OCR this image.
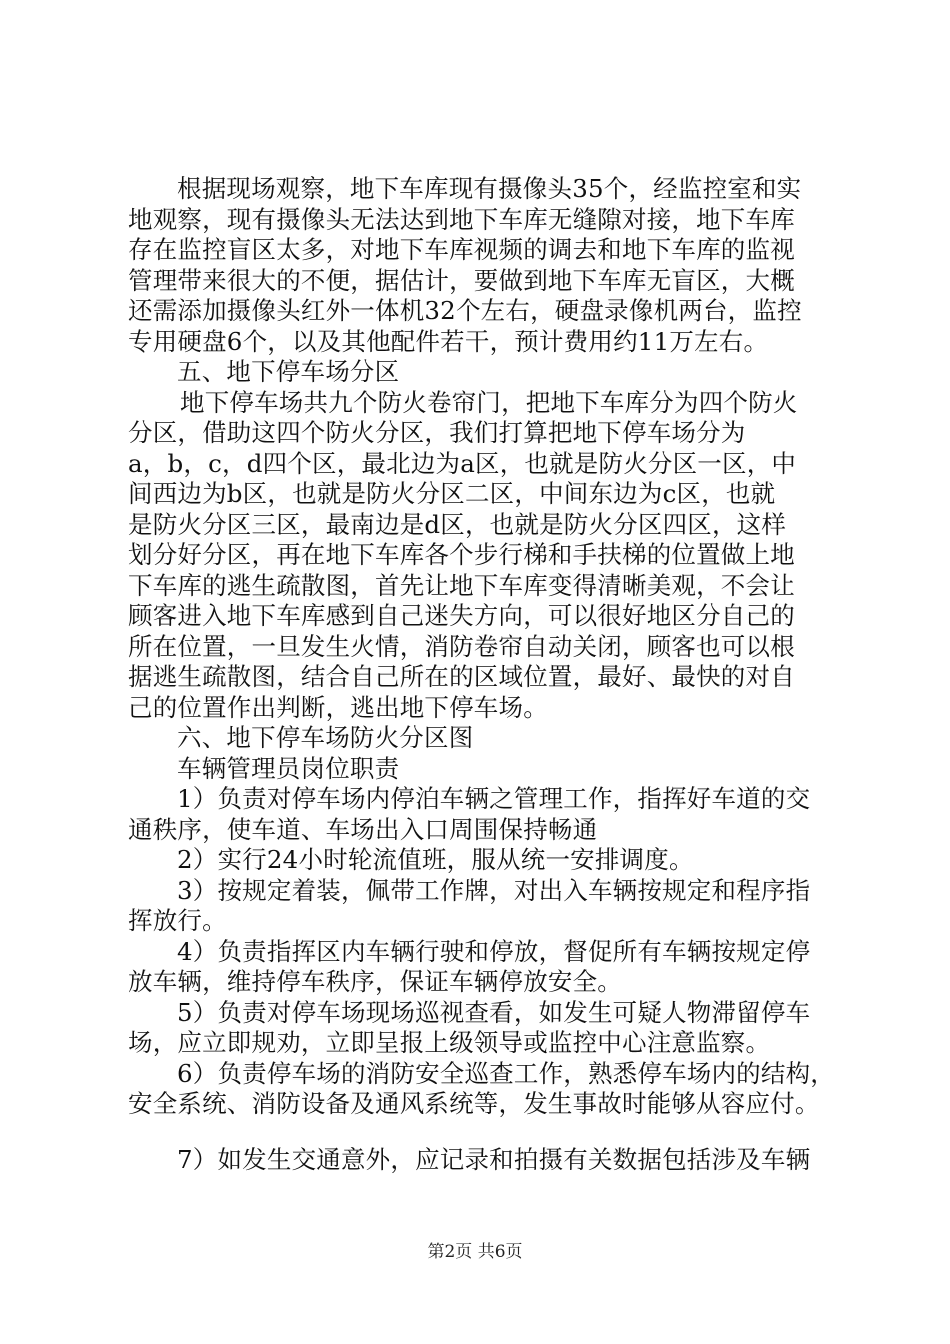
根据现场观察，地下车库现有摄像头35个，经监控室和实
地观察，现有摄像头无法达到地下车库无缝隙对接，地下车库
存在监控盲区太多，对地下车库视频的调去和地下车库的监视
管理带来很大的不便，据估计，要做到地下车库无盲区，大概
还需添加摄像头红外一体机32个左右，硬盘录像机两台，监控
专用硬盘6个，以及其他配件若干，预计费用约11万左右。
五、地下停车场分区
地下停车场共九个防火卷帘门，把地下车库分为四个防火
分区，借助这四个防火分区，我们打算把地下停车场分为
a，b，c，d四个区，最北边为a区，也就是防火分区一区，中
间西边为b区，也就是防火分区二区，中间东边为c区，也就
是防火分区三区，最南边是d区，也就是防火分区四区，这样
划分好分区，再在地下车库各个步行梯和手扶梯的位置做上地
下车库的逃生疏散图，首先让地下车库变得清晰美观，不会让
顾客进入地下车库感到自己迷失方向，可以很好地区分自己的
所在位置，一旦发生火情，消防卷帘自动关闭，顾客也可以根
据逃生疏散图，结合自己所在的区域位置，最好、最快的对自
己的位置作出判断，逃出地下停车场。
六、地下停车场防火分区图
车辆管理员岗位职责
1）负责对停车场内停泊车辆之管理工作，指挥好车道的交
通秩序，使车道、车场出入口周围保持畅通
2）实行24小时轮流值班，服从统一安排调度。
3）按规定着装，佩带工作牌，对出入车辆按规定和程序指
挥放行。
4）负责指挥区内车辆行驶和停放，督促所有车辆按规定停
放车辆，维持停车秩序，保证车辆停放安全。
5）负责对停车场现场巡视查看，如发生可疑人物滞留停车
场，应立即规劝，立即呈报上级领导或监控中心注意监察。
6）负责停车场的消防安全巡查工作，熟悉停车场内的结构，
安全系统、消防设备及通风系统等，发生事故时能够从容应付。
7）如发生交通意外，应记录和拍摄有关数据包括涉及车辆
第2页 共6页
